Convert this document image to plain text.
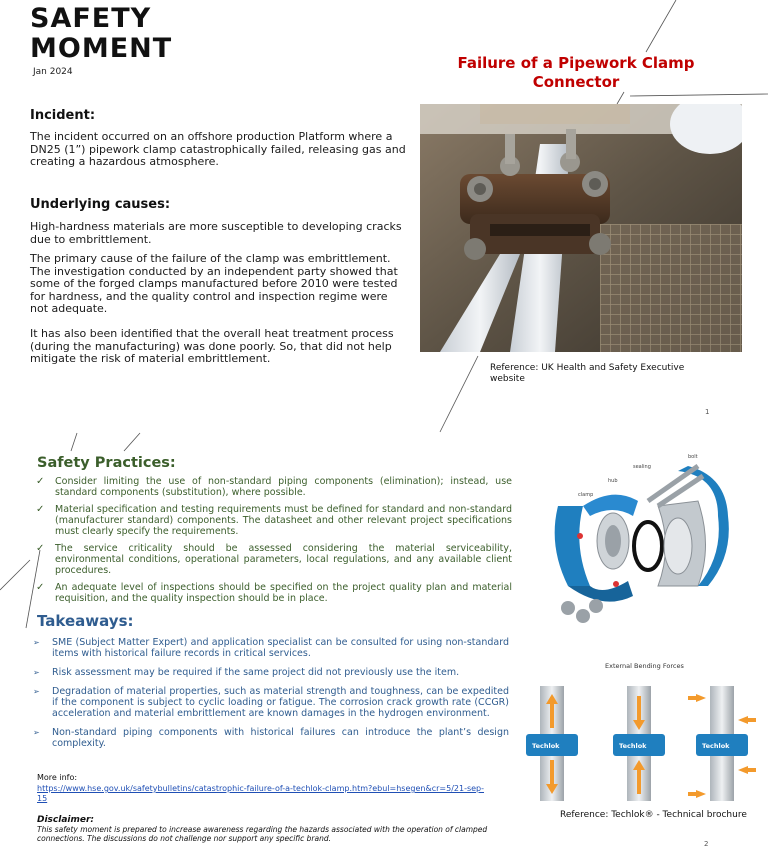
SAFETY
MOMENT
Jan 2024	Failure of a Pipework Clamp Connector
Incident:

The incident occurred on an offshore production Platform where a DN25 (1”) pipework clamp catastrophically failed, releasing gas and creating a hazardous atmosphere.

Underlying causes:

High-hardness materials are more susceptible to developing cracks due to embrittlement.

The primary cause of the failure of the clamp was embrittlement. The investigation conducted by an independent party showed that some of the forged clamps manufactured before 2010 were tested for hardness, and the quality control and inspection regime were not adequate.

It has also been identified that the overall heat treatment process (during the manufacturing) was done poorly. So, that did not help mitigate the risk of material embrittlement.

Reference: UK Health and Safety Executive website
1
Safety Practices:
✓ Consider limiting the use of non-standard piping components (elimination); instead, use standard components (substitution), where possible.
✓ Material specification and testing requirements must be defined for standard and non-standard (manufacturer standard) components. The datasheet and other relevant project specifications must clearly specify the requirements.
✓ The service criticality should be assessed considering the material serviceability, environmental conditions, operational parameters, local regulations, and any available client procedures.
✓ An adequate level of inspections should be specified on the project quality plan and material requisition, and the quality inspection should be in place.
bolt
sealing
hub
clamp
Takeaways:
➢ SME (Subject Matter Expert) and application specialist can be consulted for using non-standard items with historical failure records in critical services.
➢ Risk assessment may be required if the same project did not previously use the item.
➢ Degradation of material properties, such as material strength and toughness, can be expedited if the component is subject to cyclic loading or fatigue. The corrosion crack growth rate (CCGR) acceleration and material embrittlement are known damages in the hydrogen environment.
➢ Non-standard piping components with historical failures can introduce the plant’s design complexity.
External Bending Forces
Techlok	Techlok	Techlok
Reference: Techlok® - Technical brochure
2
More info:
https://www.hse.gov.uk/safetybulletins/catastrophic-failure-of-a-techlok-clamp.htm?ebul=hsegen&cr=5/21-sep-15
Disclaimer:
This safety moment is prepared to increase awareness regarding the hazards associated with the operation of clamped connections. The discussions do not challenge nor support any specific brand.
